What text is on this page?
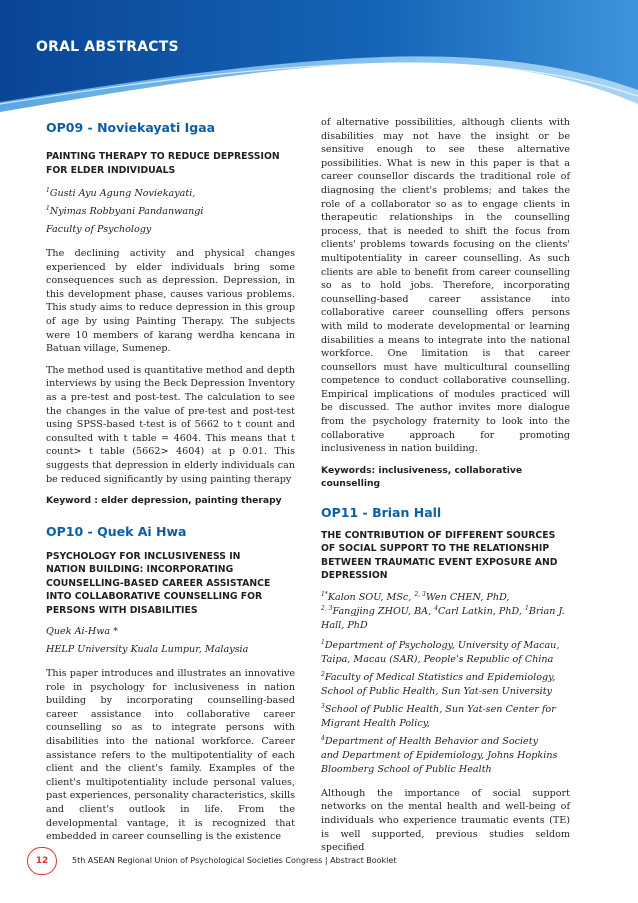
ORAL ABSTRACTS
OP09 - Noviekayati Igaa
PAINTING THERAPY TO REDUCE DEPRESSION
FOR ELDER INDIVIDUALS

$^1$Gusti Ayu Agung Noviekayati,

$^1$Nyimas Robbyani Pandanwangi

Faculty of Psychology

The declining activity and physical changes experienced by elder individuals bring some consequences such as depression. Depression, in this development phase, causes various problems. This study aims to reduce depression in this group of age by using Painting Therapy. The subjects were 10 members of karang werdha kencana in Batuan village, Sumenep.

The method used is quantitative method and depth interviews by using the Beck Depression Inventory as a pre-test and post-test. The calculation to see the changes in the value of pre-test and post-test using SPSS-based t-test is of 5662 to t count and consulted with t table = 4604. This means that t count> t table (5662> 4604) at p 0.01. This suggests that depression in elderly individuals can be reduced significantly by using painting therapy

Keyword : elder depression, painting therapy

OP10 - Quek Ai Hwa
PSYCHOLOGY FOR INCLUSIVENESS IN
NATION BUILDING: INCORPORATING
COUNSELLING-BASED CAREER ASSISTANCE
INTO COLLABORATIVE COUNSELLING FOR
PERSONS WITH DISABILITIES

Quek Ai-Hwa *

HELP University Kuala Lumpur, Malaysia

This paper introduces and illustrates an innovative role in psychology for inclusiveness in nation building by incorporating counselling-based career assistance into collaborative career counselling so as to integrate persons with disabilities into the national workforce. Career assistance refers to the multipotentiality of each client and the client's family. Examples of the client's multipotentiality include personal values, past experiences, personality characteristics, skills and client's outlook in life. From the developmental vantage, it is recognized that embedded in career counselling is the existence

of alternative possibilities, although clients with disabilities may not have the insight or be sensitive enough to see these alternative possibilities. What is new in this paper is that a career counsellor discards the traditional role of diagnosing the client's problems; and takes the role of a collaborator so as to engage clients in therapeutic relationships in the counselling process, that is needed to shift the focus from clients' problems towards focusing on the clients' multipotentiality in career counselling. As such clients are able to benefit from career counselling so as to hold jobs. Therefore, incorporating counselling-based career assistance into collaborative career counselling offers persons with mild to moderate developmental or learning disabilities a means to integrate into the national workforce. One limitation is that career counsellors must have multicultural counselling competence to conduct collaborative counselling. Empirical implications of modules practiced will be discussed. The author invites more dialogue from the psychology fraternity to look into the collaborative approach for promoting inclusiveness in nation building.

Keywords: inclusiveness, collaborative
counselling
OP11 - Brian Hall
THE CONTRIBUTION OF DIFFERENT SOURCES
OF SOCIAL SUPPORT TO THE RELATIONSHIP
BETWEEN TRAUMATIC EVENT EXPOSURE AND
DEPRESSION

$^{1*}$Kalon SOU, MSc, $^{2, 3}$Wen CHEN, PhD,

$^{2, 3}$Fangjing ZHOU, BA, $^4$Carl Latkin, PhD, $^1$Brian J.

Hall, PhD

$^1$Department of Psychology, University of Macau,

Taipa, Macau (SAR), People's Republic of China

$^2$Faculty of Medical Statistics and Epidemiology,

School of Public Health, Sun Yat-sen University

$^3$School of Public Health, Sun Yat-sen Center for

Migrant Health Policy,

$^4$Department of Health Behavior and Society

and Department of Epidemiology, Johns Hopkins

Bloomberg School of Public Health

Although the importance of social support networks on the mental health and well-being of individuals who experience traumatic events (TE) is well supported, previous studies seldom specified

12	5th ASEAN Regional Union of Psychological Societies Congress | Abstract Booklet
